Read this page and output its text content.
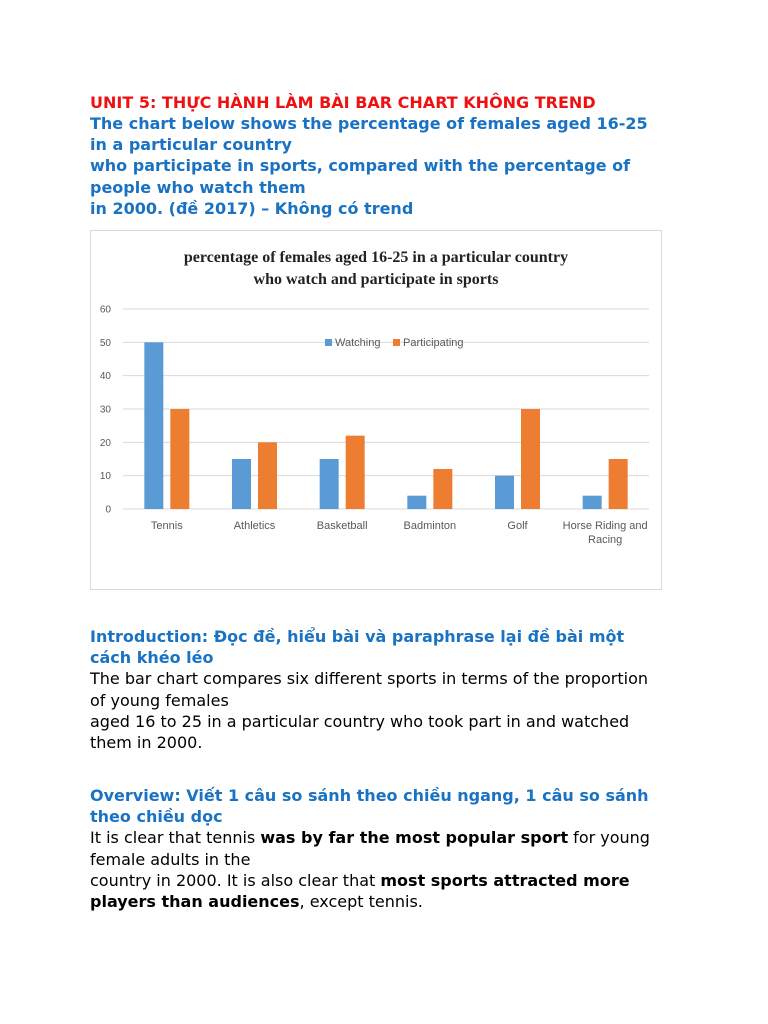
UNIT 5: THỰC HÀNH LÀM BÀI BAR CHART KHÔNG TREND
The chart below shows the percentage of females aged 16-25
in a particular country
who participate in sports, compared with the percentage of
people who watch them
in 2000. (đề 2017) – Không có trend
percentage of females aged 16-25 in a particular country
who watch and participate in sports
0
10
20
30
40
50
60
Tennis	Athletics	Basketball	Badminton	Golf	Horse Riding and Racing
Watching Participating
Introduction: Đọc đề, hiểu bài và paraphrase lại đề bài một
cách khéo léo
The bar chart compares six different sports in terms of the proportion
of young females
aged 16 to 25 in a particular country who took part in and watched
them in 2000.
Overview: Viết 1 câu so sánh theo chiều ngang, 1 câu so sánh
theo chiều dọc
It is clear that tennis was by far the most popular sport for young
female adults in the
country in 2000. It is also clear that most sports attracted more
players than audiences, except tennis.
